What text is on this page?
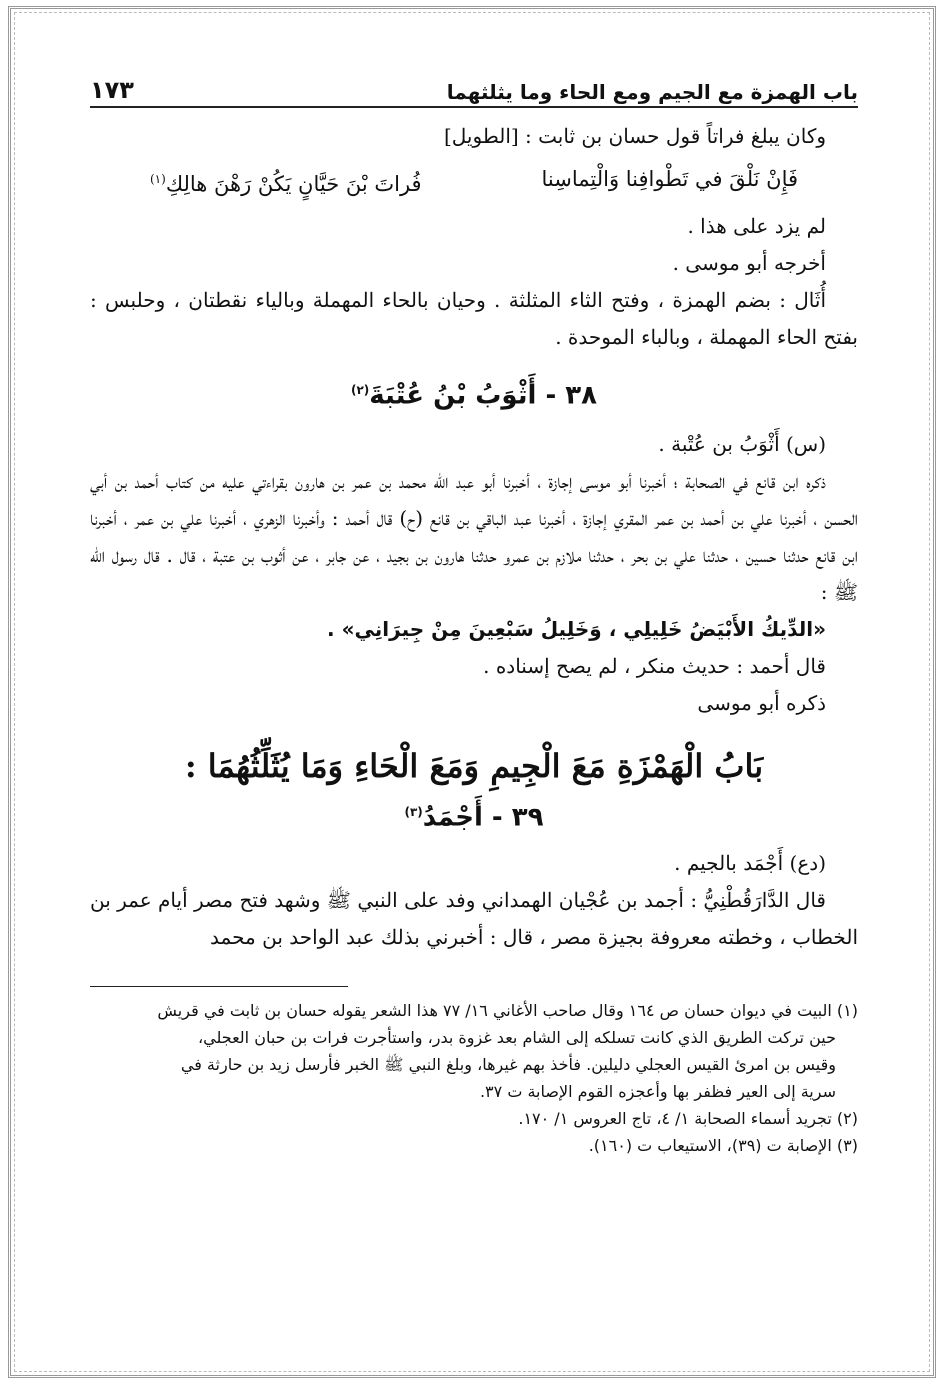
باب الهمزة مع الجيم ومع الحاء وما يثلثهما
١٧٣

وكان يبلغ فراتاً قول حسان بن ثابت : [الطويل]

فَإِنْ نَلْقَ في تَطْوافِنا وَالْتِماسِنا
فُراتَ بْنَ حَيَّانٍ يَكُنْ رَهْنَ هالِكِ$^{(١)}$

لم يزد على هذا .

أخرجه أبو موسى .

أُثَال : بضم الهمزة ، وفتح الثاء المثلثة . وحيان بالحاء المهملة وبالياء نقطتان ، وحلبس : بفتح الحاء المهملة ، وبالباء الموحدة .

٣٨ - أَثْوَبُ بْنُ عُتْبَةَ$^{(٢)}$

(س) أَثْوَبُ بن عُتْبة .

ذكره ابن قانع في الصحابة ؛ أخبرنا أبو موسى إجازة ، أخبرنا أبو عبد الله محمد بن عمر بن هارون بقراءتي عليه من كتاب أحمد بن أبي الحسن ، أخبرنا علي بن أحمد بن عمر المقري إجازة ، أخبرنا عبد الباقي بن قانع (ح) قال أحمد : وأخبرنا الزهري ، أخبرنا علي بن عمر ، أخبرنا ابن قانع حدثنا حسين ، حدثنا علي بن بحر ، حدثنا ملازم بن عمرو حدثنا هارون بن بجيد ، عن جابر ، عن أثوب بن عتبة ، قال . قال رسول الله ﷺ :

«الدِّيكُ الأَبْيَضُ خَلِيلِي ، وَخَلِيلُ سَبْعِينَ مِنْ جِيرَانِي» .

قال أحمد : حديث منكر ، لم يصح إسناده .

ذكره أبو موسى

بَابُ الْهَمْزَةِ مَعَ الْجِيمِ وَمَعَ الْحَاءِ وَمَا يُثَلِّثُهُمَا :
٣٩ - أَجْمَدُ$^{(٣)}$

(دع) أَجْمَد بالجيم .

قال الدَّارَقُطْنِيُّ : أجمد بن عُجْيان الهمداني وفد على النبي ﷺ وشهد فتح مصر أيام عمر بن الخطاب ، وخطته معروفة بجيزة مصر ، قال : أخبرني بذلك عبد الواحد بن محمد

(١) البيت في ديوان حسان ص ١٦٤ وقال صاحب الأغاني ١٦/ ٧٧ هذا الشعر يقوله حسان بن ثابت في قريش
حين تركت الطريق الذي كانت تسلكه إلى الشام بعد غزوة بدر، واستأجرت فرات بن حبان العجلي،
وقيس بن امرئ القيس العجلي دليلين. فأخذ بهم غيرها، وبلغ النبي ﷺ الخبر فأرسل زيد بن حارثة في
سرية إلى العير فظفر بها وأعجزه القوم الإصابة ت ٣٧.
(٢) تجريد أسماء الصحابة ١/ ٤، تاج العروس ١/ ١٧٠.
(٣) الإصابة ت (٣٩)، الاستيعاب ت (١٦٠).
